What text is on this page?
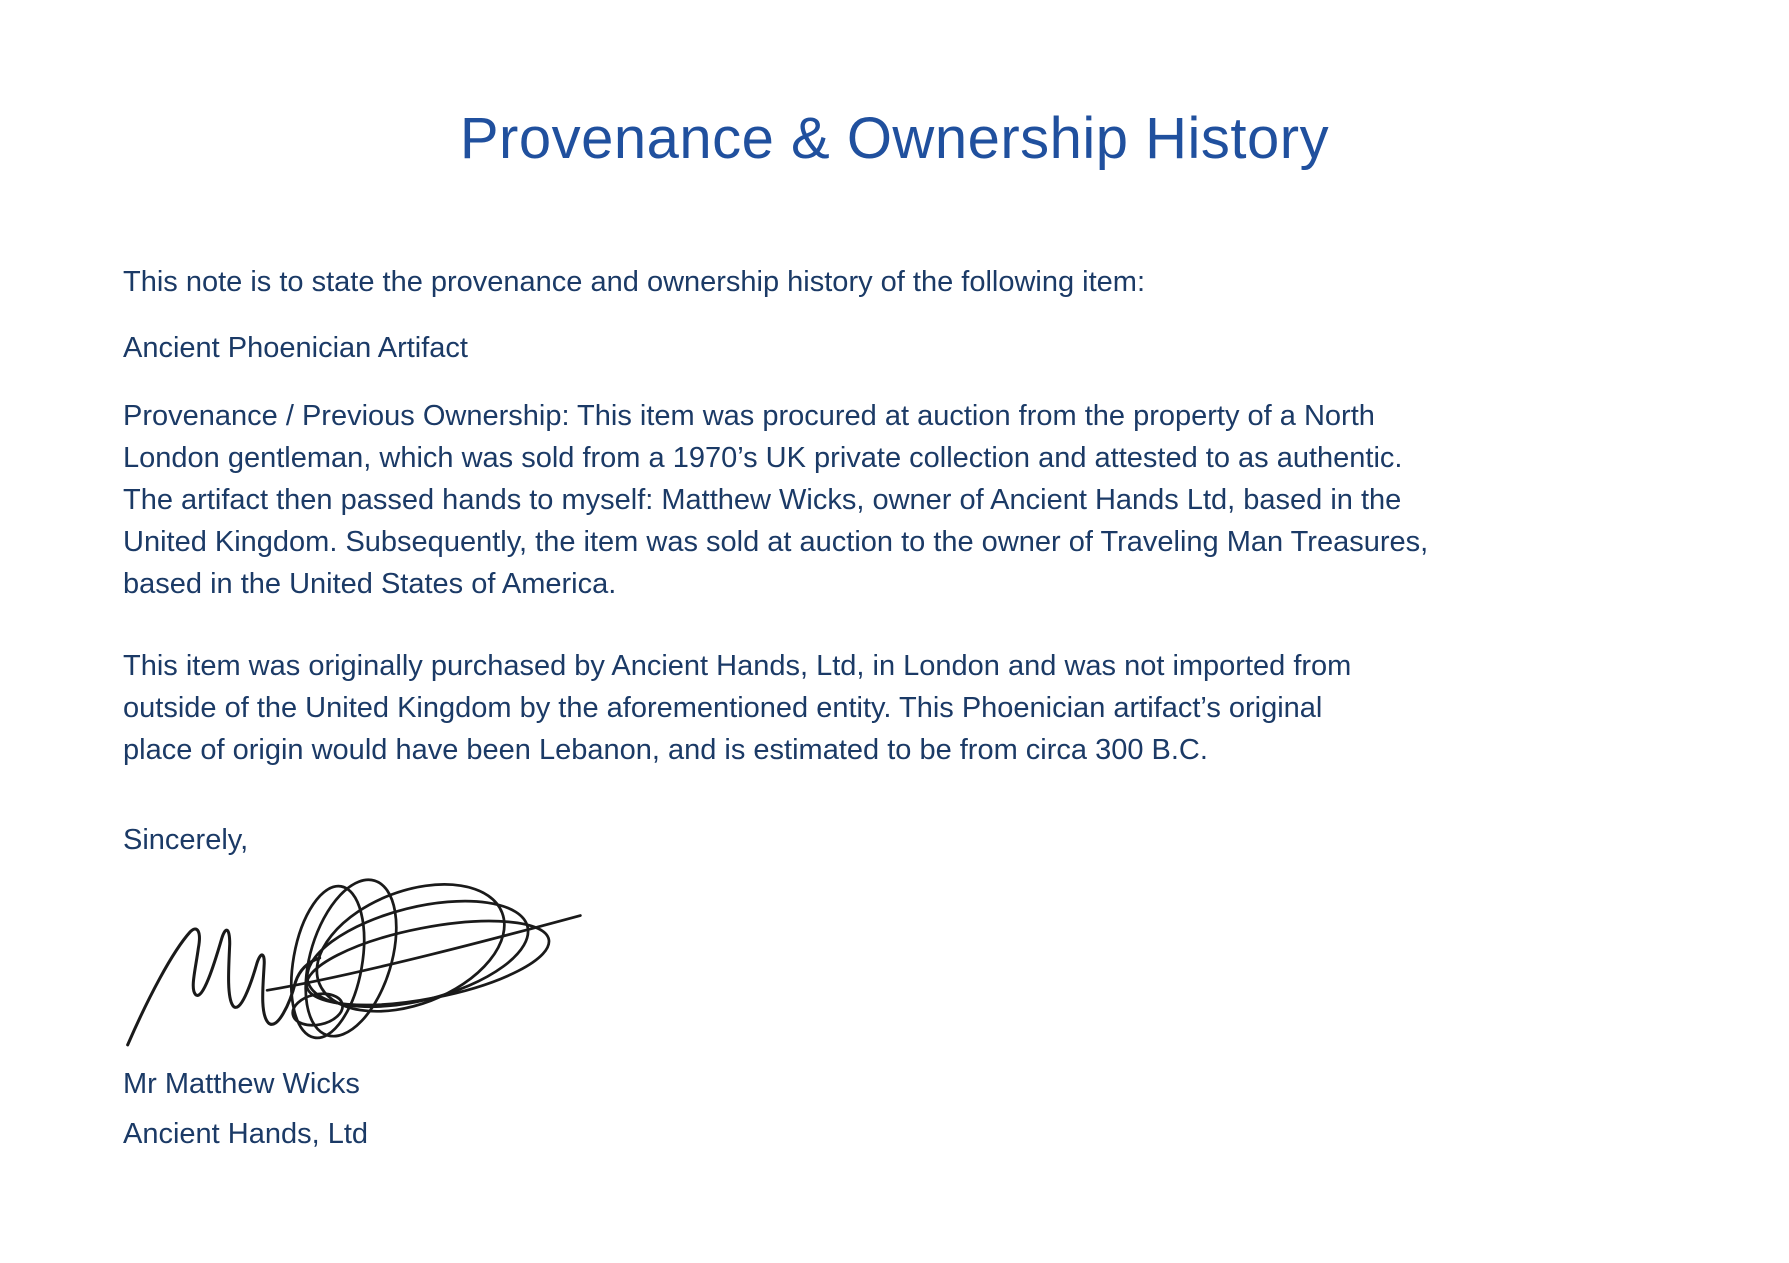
Provenance & Ownership History
This note is to state the provenance and ownership history of the following item:
Ancient Phoenician Artifact
Provenance / Previous Ownership: This item was procured at auction from the property of a North
London gentleman, which was sold from a 1970’s UK private collection and attested to as authentic.
The artifact then passed hands to myself: Matthew Wicks, owner of Ancient Hands Ltd, based in the
United Kingdom. Subsequently, the item was sold at auction to the owner of Traveling Man Treasures,
based in the United States of America.
This item was originally purchased by Ancient Hands, Ltd, in London and was not imported from
outside of the United Kingdom by the aforementioned entity. This Phoenician artifact’s original
place of origin would have been Lebanon, and is estimated to be from circa 300 B.C.
Sincerely,
Mr Matthew Wicks
Ancient Hands, Ltd
